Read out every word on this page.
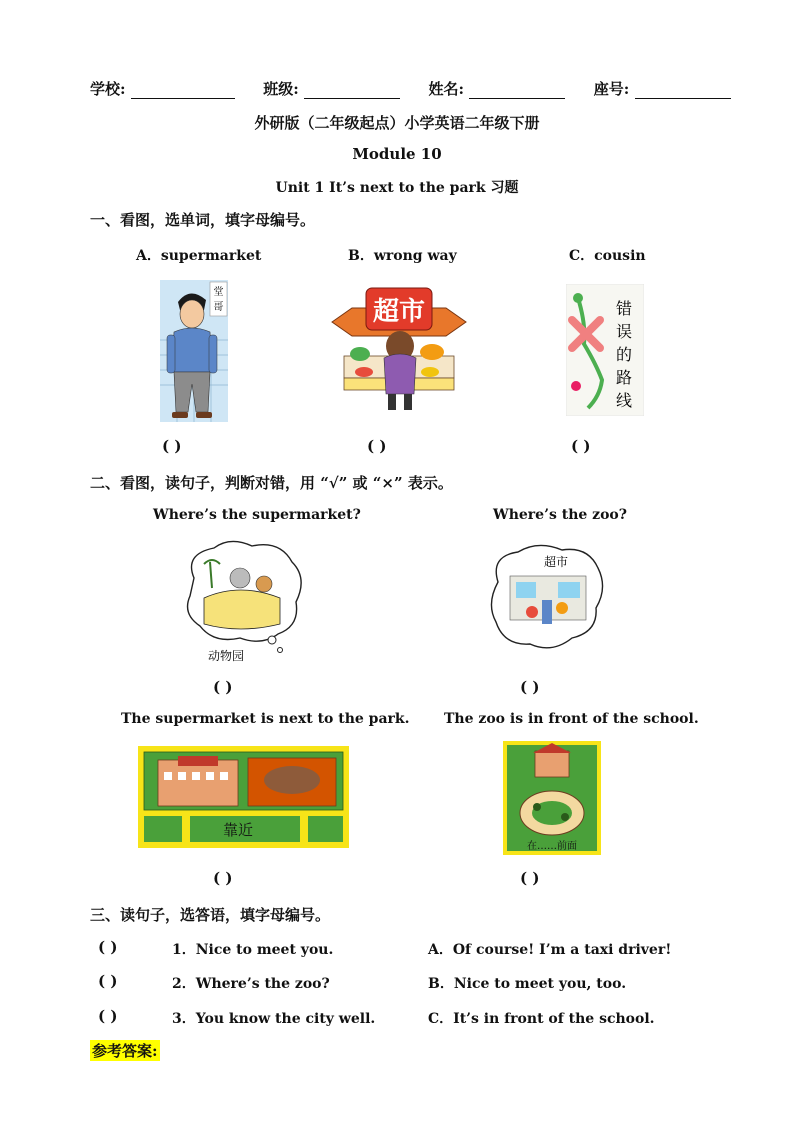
学校:	班级:	姓名:	座号:
外研版（二年级起点）小学英语二年级下册
Module 10
Unit 1 It’s next to the park 习题
一、看图，选单词，填字母编号。
A．supermarket	B．wrong way	C．cousin
堂
哥	超市	错
误
的
路
线
( )	( )	( )
二、看图，读句子，判断对错，用 “√” 或 “×” 表示。
Where’s the supermarket?	Where’s the zoo?
动物园
超市
( )	( )
The supermarket is next to the park. The zoo is in front of the school.
靠近
在……前面
( )	( )
三、读句子，选答语，填字母编号。
( )	1．Nice to meet you.	A．Of course! I’m a taxi driver!
( )	2．Where’s the zoo?	B．Nice to meet you, too.
( )	3．You know the city well.	C．It’s in front of the school.
参考答案:
